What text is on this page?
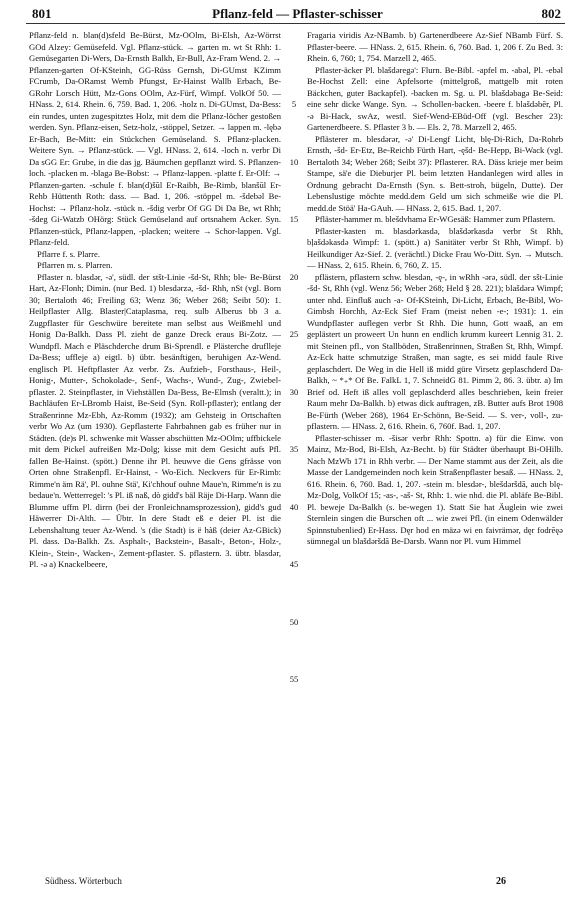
801	Pflanz-feld — Pflaster-schisser	802

Pflanz-feld n. blan(d)sfeld Be-Bürst, Mz-OOlm, Bi-Elsh, Az-Wörrst GOd Alzey: Gemüsefeld. Vgl. Pflanz-stück. → garten m. wt St Rhh: 1. Gemüsegarten Di-Wers, Da-Ernsth Balkh, Er-Bull, Az-Fram Wend. 2. → Pflanzen-garten Of-KSteinh, GG-Rüss Gernsh, Di-GUmst KZimm FCrumb, Da-ORamst Wemb Pfungst, Er-Hainst Wallb Erbach, Be-GRohr Lorsch Hütt, Mz-Gons OOlm, Az-Fürf, Wimpf. VolkOf 50. — HNass. 2, 614. Rhein. 6, 759. Bad. 1, 206. -holz n. Di-GUmst, Da-Bess: ein rundes, unten zugespitztes Holz, mit dem die Pflanz-löcher gestoßen werden. Syn. Pflanz-eisen, Setz-holz, -stöppel, Setzer. → lappen m. -lębə Er-Bach, Be-Mitt: ein Stückchen Gemüseland. S. Pflanz-placken. Weitere Syn. → Pflanz-stück. — Vgl. HNass. 2, 614. -loch n. verbr Di Da sGG Er: Grube, in die das jg. Bäumchen gepflanzt wird. S. Pflanzen-loch. -placken m. -blagə Be-Bobst: → Pflanz-lappen. -platte f. Er-Olf: → Pflanzen-garten. -schule f. blan(d)šūl Er-Raibh, Be-Rimb, blanšūl Er-Rehb Hüttenth Roth: dass. — Bad. 1, 206. -stöppel m. -šdebəl Be-Hochst: → Pflanz-holz. -stück n. -šdig verbr Of GG Di Da Be, wt Rhh; -šdeg Gi-Watzb OHörg: Stück Gemüseland auf ortsnahem Acker. Syn. Pflanzen-stück, Pflanz-lappen, -placken; weitere → Schor-lappen. Vgl. Pflanz-feld.

Pflarre f. s. Plarre.

Pflarren m. s. Plarren.

Pflaster n. blasdər, -ə', südl. der stšt-Linie -šd-St, Rhh; ble- Be-Bürst Hart, Az-Flonh; Dimin. (nur Bed. 1) blesdərzə, -šd- Rhh, nSt (vgl. Born 30; Bertaloth 46; Freiling 63; Wenz 36; Weber 268; Seibt 50): 1. Heilpflaster Allg. Blaster|Cataplasma, req. sulb Alberus bb 3 a. Zugpflaster für Geschwüre bereitete man selbst aus Weißmehl und Honig Da-Balkh. Dass Pl. zieht de ganze Dreck eraus Bi-Zotz. — Wundpfl. Mach e Pläschderche drum Bi-Sprendl. e Plästerche druflleje Da-Bess; uffleje a) eigtl. b) übtr. besänftigen, beruhigen Az-Wend. englisch Pl. Heftpflaster Az verbr. Zs. Aufzieh-, Forsthaus-, Heil-, Honig-, Mutter-, Schokolade-, Senf-, Wachs-, Wund-, Zug-, Zwiebel-pflaster. 2. Steinpflaster, in Viehställen Da-Bess, Be-Elmsh (veraltt.); in Bachläufen Er-LBromb Haist, Be-Seid (Syn. Roll-pflaster); entlang der Straßenrinne Mz-Ebh, Az-Romm (1932); am Gehsteig in Ortschaften verbr Wo Az (um 1930). Gepflasterte Fahrbahnen gab es früher nur in Städten. (de)s Pl. schwenke mit Wasser abschütten Mz-OOlm; uffbickele mit dem Pickel aufreißen Mz-Dolg; kisse mit dem Gesicht aufs Pfl. fallen Be-Hainst. (spött.) Denne ihr Pl. heuwve die Gens gfrässe von Orten ohne Straßenpfl. Er-Hainst, - Wo-Eich. Neckvers für Er-Rimb: Rimme'n äm Rä', Pl. ouhne Stä', Ki'chhouf ouhne Maue'n, Rimme'n is zu bedaue'n. Wetterregel: 's Pl. iß naß, dò gidd's bäl Räje Di-Harp. Wann die Blumme uffm Pl. dirrn (bei der Fronleichnamsprozession), gidd's gud Häwerrer Di-Alth. — Übtr. In dere Stadt eß e deier Pl. ist die Lebenshaltung teuer Az-Wend. 's (die Stadt) is ë hàß (deier Az-GBick) Pl. dass. Da-Balkh. Zs. Asphalt-, Backstein-, Basalt-, Beton-, Holz-, Klein-, Stein-, Wacken-, Zement-pflaster. S. pflastern. 3. übtr. blasdər, Pl. -ə a) Knackelbeere,

5
10
15
20
25
30
35
40
45
50
55

Fragaria viridis Az-NBamb. b) Gartenerdbeere Az-Sief NBamb Fürf. S. Pflaster-beere. — HNass. 2, 615. Rhein. 6, 760. Bad. 1, 206 f. Zu Bed. 3: Rhein. 6, 760; 1, 754. Marzell 2, 465.

Pflaster-äcker Pl. blašdəregə': Flurn. Be-Bibl. -apfel m. -abəl, Pl. -ebəl Be-Hochst Zell: eine Apfelsorte (mittelgroß, mattgelb mit roten Bäckchen, guter Backapfel). -backen m. Sg. u. Pl. blašdəbagə Be-Seid: eine sehr dicke Wange. Syn. → Schollen-backen. -beere f. blašdəbēr, Pl. -ə Bi-Hack, swAz, westl. Sief-Wend-EBüd-Off (vgl. Bescher 23): Gartenerdbeere. S. Pflaster 3 b. — Els. 2, 78. Marzell 2, 465.

Pflästerer m. blesdərər, -ə' Di-Lengf Licht, blę-Di-Rich, Da-Rohrb Ernsth, -šd- Er-Etz, Be-Reichb Fürth Hart, -ęšd- Be-Hepp, Bi-Wack (vgl. Bertaloth 34; Weber 268; Seibt 37): Pflasterer. RA. Däss krieje mer beim Stampe, sä'e die Dieburjer Pl. beim letzten Handanlegen wird alles in Ordnung gebracht Da-Ernsth (Syn. s. Bett-stroh, bügeln, Dutte). Der Lebenslustige möchte medd.dem Geld um sich schmeiße wie die Pl. medd.de Stöä' Ha-GAuh. — HNass. 2, 615. Bad. 1, 207.

Pfläster-hammer m. blešdvhamə Er-WGesäß: Hammer zum Pflastern.

Pflaster-kasten m. blasdərkasdə, blašdərkasdə verbr St Rhh, bļašdəkasdə Wimpf: 1. (spött.) a) Sanitäter verbr St Rhh, Wimpf. b) Heilkundiger Az-Sief. 2. (verächtl.) Dicke Frau Wo-Ditt. Syn. → Mutsch. — HNass. 2, 615. Rhein. 6, 760, Z. 15.

pflästern, pflastern schw. blesdən, -ę-, in wRhh -ərə, südl. der sšt-Linie -šd- St, Rhh (vgl. Wenz 56; Weber 268; Held § 28. 221); blašdərə Wimpf; unter nhd. Einfluß auch -a- Of-KSteinh, Di-Licht, Erbach, Be-Bibl, Wo-Gimbsh Horchh, Az-Eck Sief Fram (meist neben -e-; 1931): 1. ein Wundpflaster auflegen verbr St Rhh. Die hunn, Gott waaß, an em geplästert un proweert Un hunn en endlich krumm kureert Lennig 31. 2. mit Steinen pfl., von Stallböden, Straßenrinnen, Straßen St, Rhh, Wimpf. Az-Eck hatte schmutzige Straßen, man sagte, es sei midd faule Rive geplaschdert. De Weg in die Hell iß midd güre Virsetz geplaschderd Da-Balkh, ~ *₊* Of Be. FalkL 1, 7. SchneidG 81. Pimm 2, 86. 3. übtr. a) Im Brief od. Heft iß alles voll geplaschderd alles beschrieben, kein freier Raum mehr Da-Balkh. b) etwas dick auftragen, zB. Butter aufs Brot 1908 Be-Fürth (Weber 268), 1964 Er-Schönn, Be-Seid. — S. ver-, voll-, zu-pflastern. — HNass. 2, 616. Rhein. 6, 760f. Bad. 1, 207.

Pflaster-schisser m. -šisər verbr Rhh: Spottn. a) für die Einw. von Mainz, Mz-Bod, Bi-Elsh, Az-Becht. b) für Städter überhaupt Bi-OHilb. Nach MzWb 171 in Rhh verbr. — Der Name stammt aus der Zeit, als die Masse der Landgemeinden noch kein Straßenpflaster besaß. — HNass. 2, 616. Rhein. 6, 760. Bad. 1, 207. -stein m. blesdər-, blešdəršdā, auch blę- Mz-Dolg, VolkOf 15; -as-, -aš- St, Rhh: 1. wie nhd. die Pl. abläfe Be-Bibl. Pl. beweje Da-Balkh (s. be-wegen 1). Statt Sie hat Äuglein wie zwei Sternlein singen die Burschen oft ... wie zwei Pfl. (in einem Odenwälder Spinnstubenlied) Er-Hass. Dęr hod en mäzə wi en faivrämər, dęr fodrēęə sümnegəl un blašdəršdā Be-Darsb. Wann nor Pl. vum Himmel

Südhess. Wörterbuch	26
